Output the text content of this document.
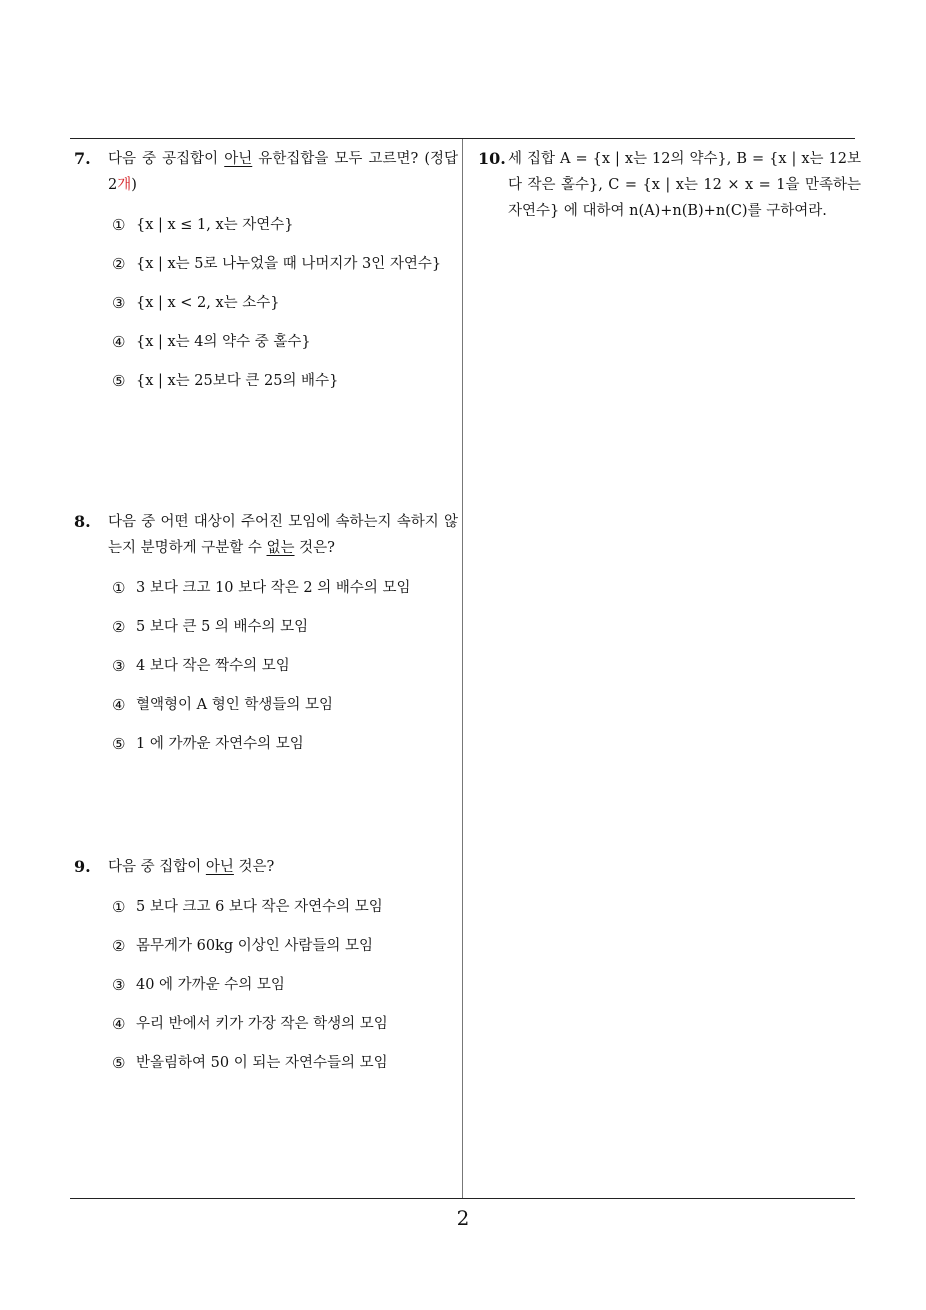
7. 다음 중 공집합이 아닌 유한집합을 모두 고르면? (정답 2개)
① {x | x ≤ 1, x는 자연수}
② {x | x는 5로 나누었을 때 나머지가 3인 자연수}
③ {x | x < 2, x는 소수}
④ {x | x는 4의 약수 중 홀수}
⑤ {x | x는 25보다 큰 25의 배수}
8. 다음 중 어떤 대상이 주어진 모임에 속하는지 속하지 않는지 분명하게 구분할 수 없는 것은?
① 3 보다 크고 10 보다 작은 2 의 배수의 모임
② 5 보다 큰 5 의 배수의 모임
③ 4 보다 작은 짝수의 모임
④ 혈액형이 A 형인 학생들의 모임
⑤ 1 에 가까운 자연수의 모임
9. 다음 중 집합이 아닌 것은?
① 5 보다 크고 6 보다 작은 자연수의 모임
② 몸무게가 60kg 이상인 사람들의 모임
③ 40 에 가까운 수의 모임
④ 우리 반에서 키가 가장 작은 학생의 모임
⑤ 반올림하여 50 이 되는 자연수들의 모임
10. 세 집합 A = {x | x는 12의 약수}, B = {x | x는 12보다 작은 홀수}, C = {x | x는 12 × x = 1을 만족하는 자연수} 에 대하여 n(A)+n(B)+n(C)를 구하여라.
2
